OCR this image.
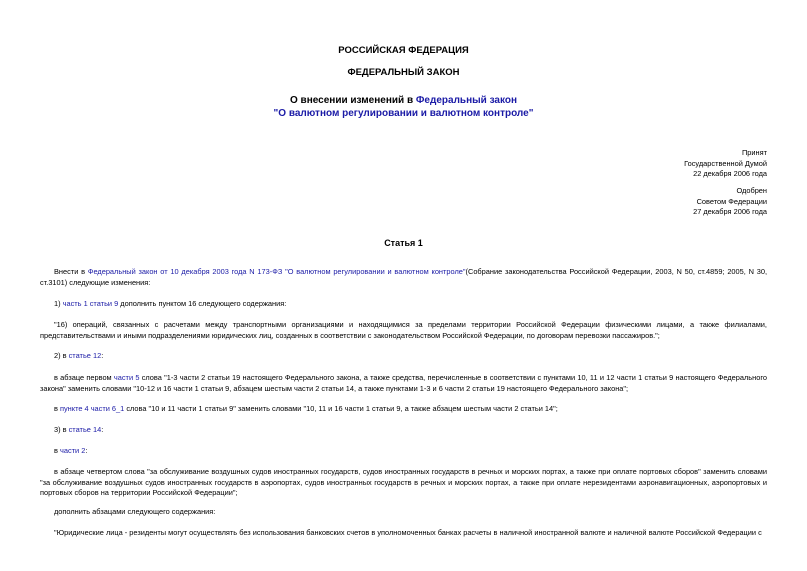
РОССИЙСКАЯ ФЕДЕРАЦИЯ
ФЕДЕРАЛЬНЫЙ ЗАКОН
О внесении изменений в Федеральный закон
"О валютном регулировании и валютном контроле"
Принят
Государственной Думой
22 декабря 2006 года
Одобрен
Советом Федерации
27 декабря 2006 года
Статья 1

Внести в Федеральный закон от 10 декабря 2003 года N 173-ФЗ "О валютном регулировании и валютном контроле"(Собрание законодательства Российской Федерации, 2003, N 50, ст.4859; 2005, N 30, ст.3101) следующие изменения:

1) часть 1 статьи 9 дополнить пунктом 16 следующего содержания:

"16) операций, связанных с расчетами между транспортными организациями и находящимися за пределами территории Российской Федерации физическими лицами, а также филиалами, представительствами и иными подразделениями юридических лиц, созданных в соответствии с законодательством Российской Федерации, по договорам перевозки пассажиров.";

2) в статье 12:

в абзаце первом части 5 слова "1-3 части 2 статьи 19 настоящего Федерального закона, а также средства, перечисленные в соответствии с пунктами 10, 11 и 12 части 1 статьи 9 настоящего Федерального закона" заменить словами "10-12 и 16 части 1 статьи 9, абзацем шестым части 2 статьи 14, а также пунктами 1-3 и 6 части 2 статьи 19 настоящего Федерального закона";

в пункте 4 части 6_1 слова "10 и 11 части 1 статьи 9" заменить словами "10, 11 и 16 части 1 статьи 9, а также абзацем шестым части 2 статьи 14";

3) в статье 14:

в части 2:

в абзаце четвертом слова "за обслуживание воздушных судов иностранных государств, судов иностранных государств в речных и морских портах, а также при оплате портовых сборов" заменить словами "за обслуживание воздушных судов иностранных государств в аэропортах, судов иностранных государств в речных и морских портах, а также при оплате нерезидентами аэронавигационных, аэропортовых и портовых сборов на территории Российской Федерации";

дополнить абзацами следующего содержания:

"Юридические лица - резиденты могут осуществлять без использования банковских счетов в уполномоченных банках расчеты в наличной иностранной валюте и наличной валюте Российской Федерации с
